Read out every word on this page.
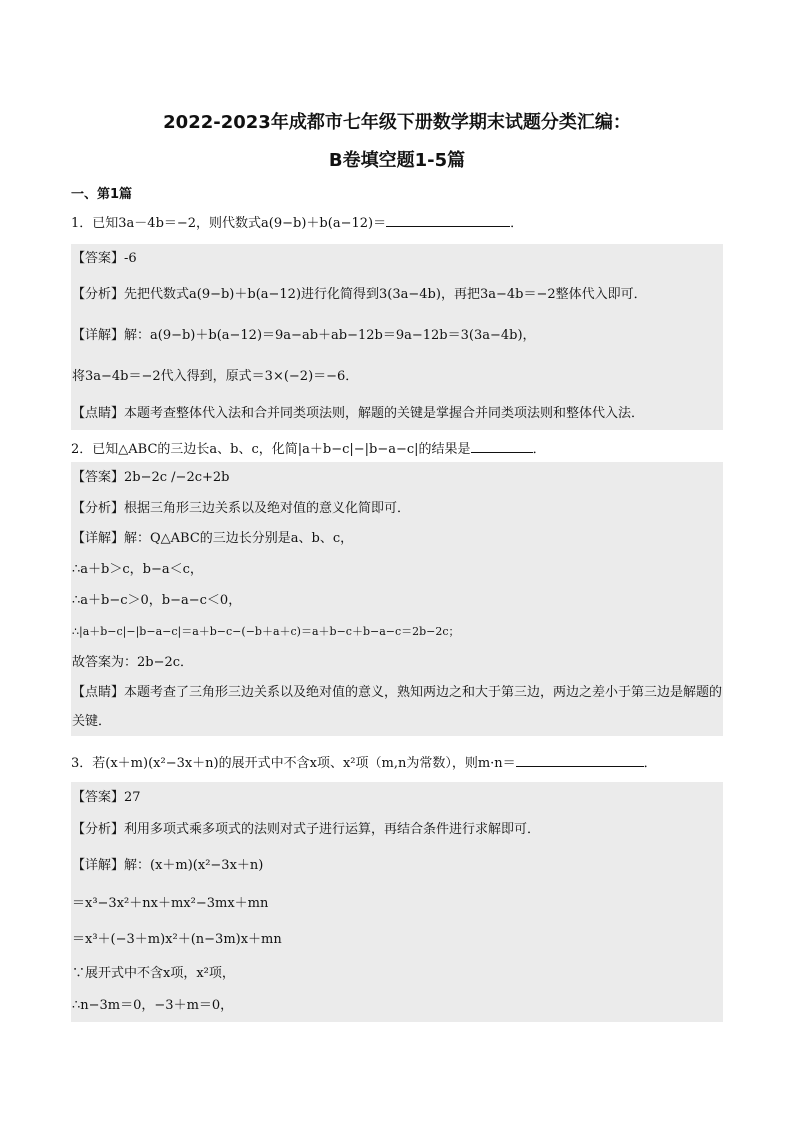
2022-2023年成都市七年级下册数学期末试题分类汇编：
B卷填空题1-5篇
一、第1篇
1．已知3a－4b＝−2，则代数式a(9−b)＋b(a−12)＝	．
【答案】-6
【分析】先把代数式a(9−b)＋b(a−12)进行化简得到3(3a−4b)，再把3a−4b＝−2整体代入即可．
【详解】解：a(9−b)＋b(a−12)＝9a−ab＋ab−12b＝9a−12b＝3(3a−4b)，
将3a−4b＝−2代入得到，原式＝3×(−2)＝−6．
【点睛】本题考查整体代入法和合并同类项法则，解题的关键是掌握合并同类项法则和整体代入法．
2．已知△ABC的三边长a、b、c，化简|a＋b−c|−|b−a−c|的结果是	．
【答案】2b−2c /−2c+2b
【分析】根据三角形三边关系以及绝对值的意义化简即可．
【详解】解：Q△ABC的三边长分别是a、b、c，
∴a＋b＞c，b−a＜c，
∴a＋b−c＞0，b−a−c＜0，
∴|a＋b−c|−|b−a−c|＝a＋b−c−(−b＋a＋c)＝a＋b−c＋b−a−c＝2b−2c；
故答案为：2b−2c．
【点睛】本题考查了三角形三边关系以及绝对值的意义，熟知两边之和大于第三边，两边之差小于第三边是解题的关键．
3．若(x＋m)(x²−3x＋n)的展开式中不含x项、x²项（m,n为常数），则m·n＝	．
【答案】27
【分析】利用多项式乘多项式的法则对式子进行运算，再结合条件进行求解即可．
【详解】解：(x＋m)(x²−3x＋n)
＝x³−3x²＋nx＋mx²−3mx＋mn
＝x³＋(−3＋m)x²＋(n−3m)x＋mn
∵展开式中不含x项，x²项，
∴n−3m＝0，−3＋m＝0，
